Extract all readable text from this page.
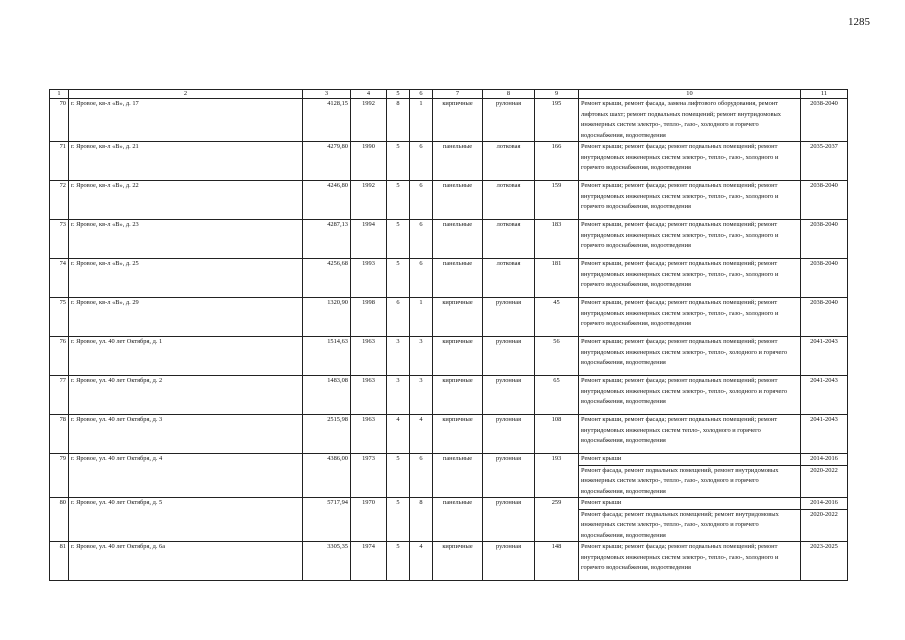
1285
1	2	3	4	5	6	7	8	9	10	11
70	г. Яровое, кв-л «В», д. 17	4128,15	1992	8	1	кирпичные	рулонная	195	Ремонт крыши, ремонт фасада, замена лифтового оборудования, ремонт лифтовых шахт; ремонт подвальных помещений; ремонт внутридомовых инженерных систем электро-, тепло-, газо-, холодного и горячего водоснабжения, водоотведения	2038-2040
71	г. Яровое, кв-л «В», д. 21	4279,80	1990	5	6	панельные	лотковая	166	Ремонт крыши; ремонт фасада; ремонт подвальных помещений; ремонт внутридомовых инженерных систем электро-, тепло-, газо-, холодного и горячего водоснабжения, водоотведения	2035-2037
72	г. Яровое, кв-л «В», д. 22	4246,80	1992	5	6	панельные	лотковая	159	Ремонт крыши; ремонт фасада; ремонт подвальных помещений; ремонт внутридомовых инженерных систем электро-, тепло-, газо-, холодного и горячего водоснабжения, водоотведения	2038-2040
73	г. Яровое, кв-л «В», д. 23	4287,13	1994	5	6	панельные	лотковая	183	Ремонт крыши, ремонт фасада; ремонт подвальных помещений; ремонт внутридомовых инженерных систем электро-, тепло-, газо-, холодного и горячего водоснабжения, водоотведения	2038-2040
74	г. Яровое, кв-л «В», д. 25	4256,68	1993	5	6	панельные	лотковая	181	Ремонт крыши, ремонт фасада; ремонт подвальных помещений; ремонт внутридомовых инженерных систем электро-, тепло-, газо-, холодного и горячего водоснабжения, водоотведения	2038-2040
75	г. Яровое, кв-л «В», д. 29	1320,90	1998	6	1	кирпичные	рулонная	45	Ремонт крыши, ремонт фасада; ремонт подвальных помещений; ремонт внутридомовых инженерных систем электро-, тепло-, газо-, холодного и горячего водоснабжения, водоотведения	2038-2040
76	г. Яровое, ул. 40 лет Октября, д. 1	1514,63	1963	3	3	кирпичные	рулонная	56	Ремонт крыши; ремонт фасада; ремонт подвальных помещений; ремонт внутридомовых инженерных систем электро-, тепло-, холодного и горячего водоснабжения, водоотведения	2041-2043
77	г. Яровое, ул. 40 лет Октября, д. 2	1483,08	1963	3	3	кирпичные	рулонная	65	Ремонт крыши; ремонт фасада; ремонт подвальных помещений; ремонт внутридомовых инженерных систем электро-, тепло-, холодного и горячего водоснабжения, водоотведения	2041-2043
78	г. Яровое, ул. 40 лет Октября, д. 3	2515,98	1963	4	4	кирпичные	рулонная	108	Ремонт крыши, ремонт фасада; ремонт подвальных помещений; ремонт внутридомовых инженерных систем тепло-, холодного и горячего водоснабжения, водоотведения	2041-2043
79	г. Яровое, ул. 40 лет Октября, д. 4	4386,00	1973	5	6	панельные	рулонная	193	Ремонт крыши	2014-2016
									Ремонт фасада, ремонт подвальных помещений, ремонт внутридомовых инженерных систем электро-, тепло-, газо-, холодного и горячего водоснабжения, водоотведения	2020-2022
80	г. Яровое, ул. 40 лет Октября, д. 5	5717,94	1970	5	8	панельные	рулонная	259	Ремонт крыши	2014-2016
									Ремонт фасада; ремонт подвальных помещений; ремонт внутридомовых инженерных систем электро-, тепло-, газо-, холодного и горячего водоснабжения, водоотведения	2020-2022
81	г. Яровое, ул. 40 лет Октября, д. 6а	3305,35	1974	5	4	кирпичные	рулонная	148	Ремонт крыши; ремонт фасада; ремонт подвальных помещений; ремонт внутридомовых инженерных систем электро-, тепло-, газо-, холодного и горячего водоснабжения, водоотведения	2023-2025
